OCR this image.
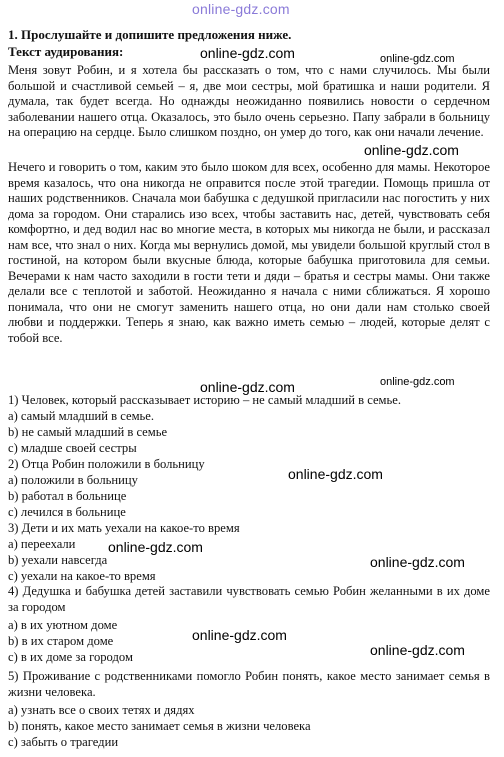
online-gdz.com
online-gdz.com	online-gdz.com
online-gdz.com
online-gdz.com	online-gdz.com
online-gdz.com
online-gdz.com
online-gdz.com
online-gdz.com
online-gdz.com
1. Прослушайте и допишите предложения ниже.
Текст аудирования:
Меня зовут Робин, и я хотела бы рассказать о том, что с нами случилось. Мы были большой и счастливой семьей – я, две мои сестры, мой братишка и наши родители. Я думала, так будет всегда. Но однажды неожиданно появились новости о сердечном заболевании нашего отца. Оказалось, это было очень серьезно. Папу забрали в больницу на операцию на сердце. Было слишком поздно, он умер до того, как они начали лечение.
Нечего и говорить о том, каким это было шоком для всех, особенно для мамы. Некоторое время казалось, что она никогда не оправится после этой трагедии. Помощь пришла от наших родственников. Сначала мои бабушка с дедушкой пригласили нас погостить у них дома за городом. Они старались изо всех, чтобы заставить нас, детей, чувствовать себя комфортно, и дед водил нас во многие места, в которых мы никогда не были, и рассказал нам все, что знал о них. Когда мы вернулись домой, мы увидели большой круглый стол в гостиной, на котором были вкусные блюда, которые бабушка приготовила для семьи. Вечерами к нам часто заходили в гости тети и дяди – братья и сестры мамы. Они также делали все с теплотой и заботой. Неожиданно я начала с ними сближаться. Я хорошо понимала, что они не смогут заменить нашего отца, но они дали нам столько своей любви и поддержки. Теперь я знаю, как важно иметь семью – людей, которые делят с тобой все.
1) Человек, который рассказывает историю – не самый младший в семье.
a) самый младший в семье.
b) не самый младший в семье
c) младше своей сестры
2) Отца Робин положили в больницу
a) положили в больницу
b) работал в больнице
c) лечился в больнице
3) Дети и их мать уехали на какое-то время
a) переехали
b) уехали навсегда
c) уехали на какое-то время
4) Дедушка и бабушка детей заставили чувствовать семью Робин желанными в их доме за городом
a) в их уютном доме
b) в их старом доме
c) в их доме за городом
5) Проживание с родственниками помогло Робин понять, какое место занимает семья в жизни человека.
a) узнать все о своих тетях и дядях
b) понять, какое место занимает семья в жизни человека
c) забыть о трагедии
